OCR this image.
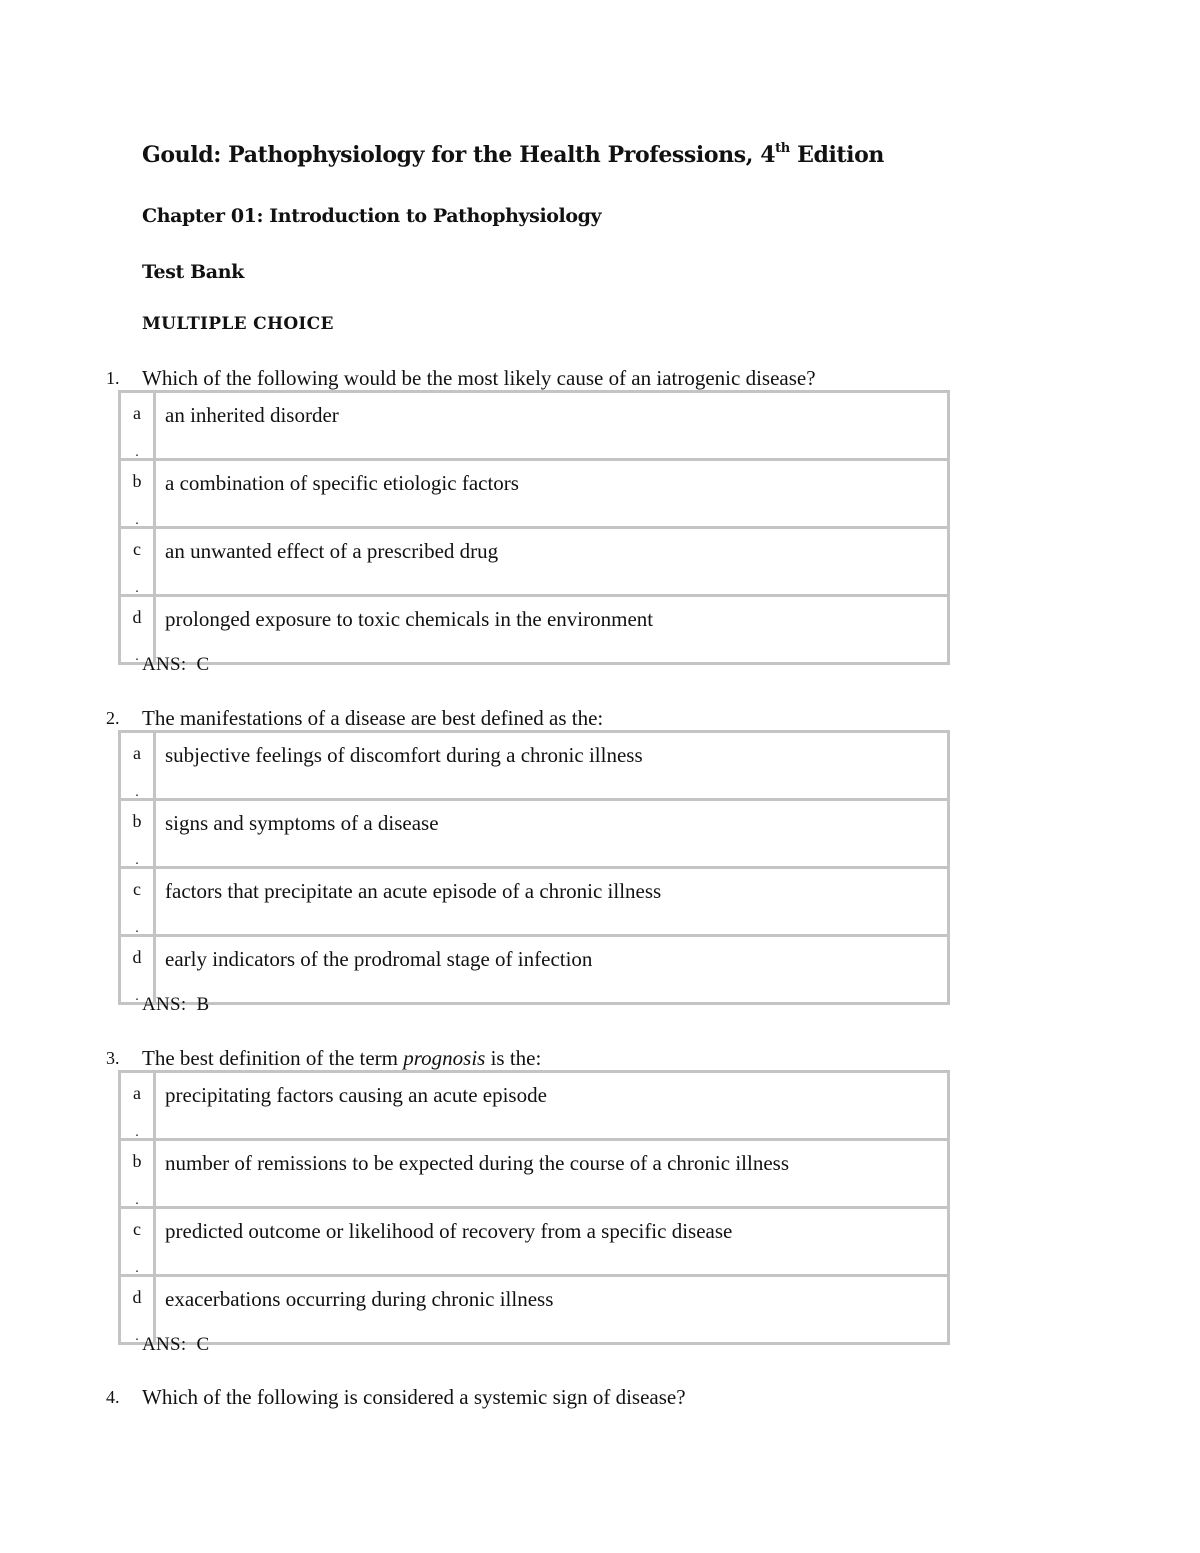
Gould: Pathophysiology for the Health Professions, 4th Edition
Chapter 01: Introduction to Pathophysiology
Test Bank
MULTIPLE CHOICE
1. Which of the following would be the most likely cause of an iatrogenic disease?
a
.	an inherited disorder

b
.	a combination of specific etiologic factors

c
.	an unwanted effect of a prescribed drug

d
.	prolonged exposure to toxic chemicals in the environment
ANS: C
2. The manifestations of a disease are best defined as the:
a
.	subjective feelings of discomfort during a chronic illness

b
.	signs and symptoms of a disease

c
.	factors that precipitate an acute episode of a chronic illness

d
.	early indicators of the prodromal stage of infection
ANS: B
3. The best definition of the term prognosis is the:
a
.	precipitating factors causing an acute episode

b
.	number of remissions to be expected during the course of a chronic illness

c
.	predicted outcome or likelihood of recovery from a specific disease

d
.	exacerbations occurring during chronic illness
ANS: C
4. Which of the following is considered a systemic sign of disease?
